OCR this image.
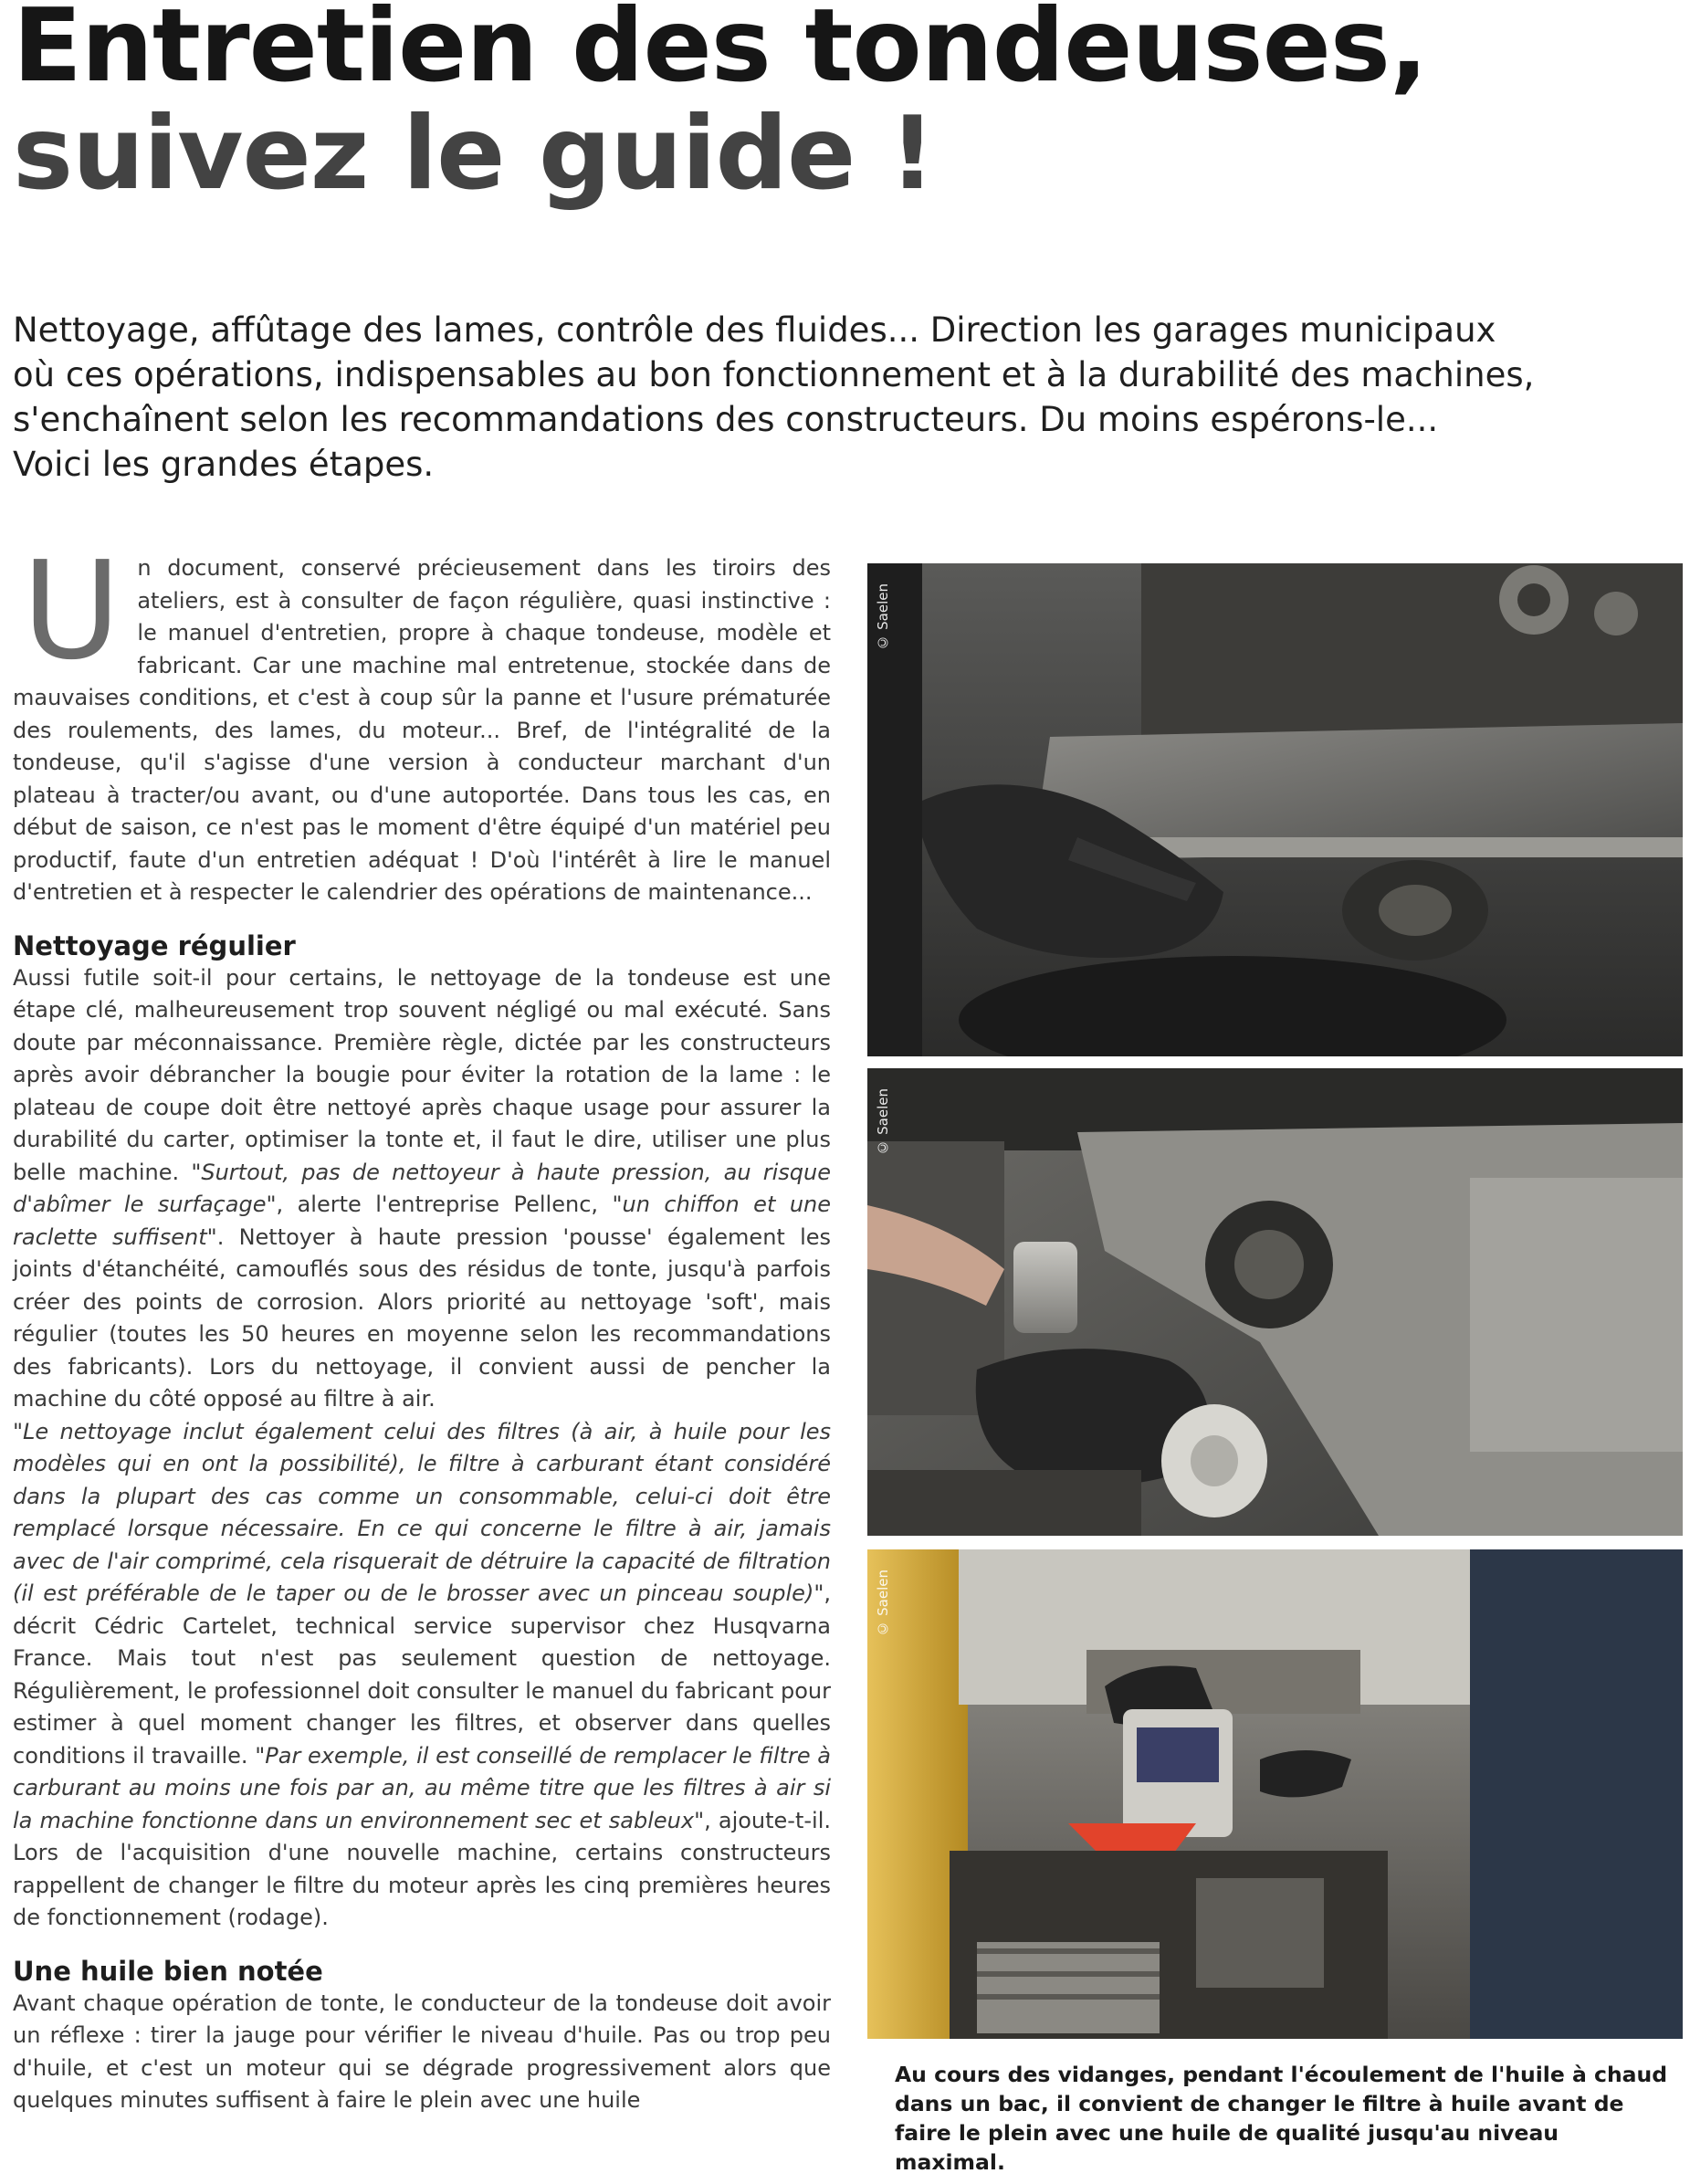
Entretien des tondeuses,
suivez le guide !
Nettoyage, affûtage des lames, contrôle des fluides... Direction les garages municipaux
où ces opérations, indispensables au bon fonctionnement et à la durabilité des machines,
s'enchaînent selon les recommandations des constructeurs. Du moins espérons-le...
Voici les grandes étapes.

Un document, conservé précieusement dans les tiroirs des ateliers, est à consulter de façon régulière, quasi instinctive : le manuel d'entretien, propre à chaque tondeuse, modèle et fabricant. Car une machine mal entretenue, stockée dans de mauvaises conditions, et c'est à coup sûr la panne et l'usure prématurée des roulements, des lames, du moteur... Bref, de l'intégralité de la tondeuse, qu'il s'agisse d'une version à conducteur marchant d'un plateau à tracter/ou avant, ou d'une autoportée. Dans tous les cas, en début de saison, ce n'est pas le moment d'être équipé d'un matériel peu productif, faute d'un entretien adéquat ! D'où l'intérêt à lire le manuel d'entretien et à respecter le calendrier des opérations de maintenance...

Nettoyage régulier

Aussi futile soit-il pour certains, le nettoyage de la tondeuse est une étape clé, malheureusement trop souvent négligé ou mal exécuté. Sans doute par méconnaissance. Première règle, dictée par les constructeurs après avoir débrancher la bougie pour éviter la rotation de la lame : le plateau de coupe doit être nettoyé après chaque usage pour assurer la durabilité du carter, optimiser la tonte et, il faut le dire, utiliser une plus belle machine. "Surtout, pas de nettoyeur à haute pression, au risque d'abîmer le surfaçage", alerte l'entreprise Pellenc, "un chiffon et une raclette suffisent". Nettoyer à haute pression 'pousse' également les joints d'étanchéité, camouflés sous des résidus de tonte, jusqu'à parfois créer des points de corrosion. Alors priorité au nettoyage 'soft', mais régulier (toutes les 50 heures en moyenne selon les recommandations des fabricants). Lors du nettoyage, il convient aussi de pencher la machine du côté opposé au filtre à air.

"Le nettoyage inclut également celui des filtres (à air, à huile pour les modèles qui en ont la possibilité), le filtre à carburant étant considéré dans la plupart des cas comme un consommable, celui-ci doit être remplacé lorsque nécessaire. En ce qui concerne le filtre à air, jamais avec de l'air comprimé, cela risquerait de détruire la capacité de filtration (il est préférable de le taper ou de le brosser avec un pinceau souple)", décrit Cédric Cartelet, technical service supervisor chez Husqvarna France. Mais tout n'est pas seulement question de nettoyage. Régulièrement, le professionnel doit consulter le manuel du fabricant pour estimer à quel moment changer les filtres, et observer dans quelles conditions il travaille. "Par exemple, il est conseillé de remplacer le filtre à carburant au moins une fois par an, au même titre que les filtres à air si la machine fonctionne dans un environnement sec et sableux", ajoute-t-il. Lors de l'acquisition d'une nouvelle machine, certains constructeurs rappellent de changer le filtre du moteur après les cinq premières heures de fonctionnement (rodage).

Une huile bien notée

Avant chaque opération de tonte, le conducteur de la tondeuse doit avoir un réflexe : tirer la jauge pour vérifier le niveau d'huile. Pas ou trop peu d'huile, et c'est un moteur qui se dégrade progressivement alors que quelques minutes suffisent à faire le plein avec une huile

© Saelen
© Saelen
© Saelen

Au cours des vidanges, pendant l'écoulement de l'huile à chaud dans un bac, il convient de changer le filtre à huile avant de faire le plein avec une huile de qualité jusqu'au niveau maximal.
